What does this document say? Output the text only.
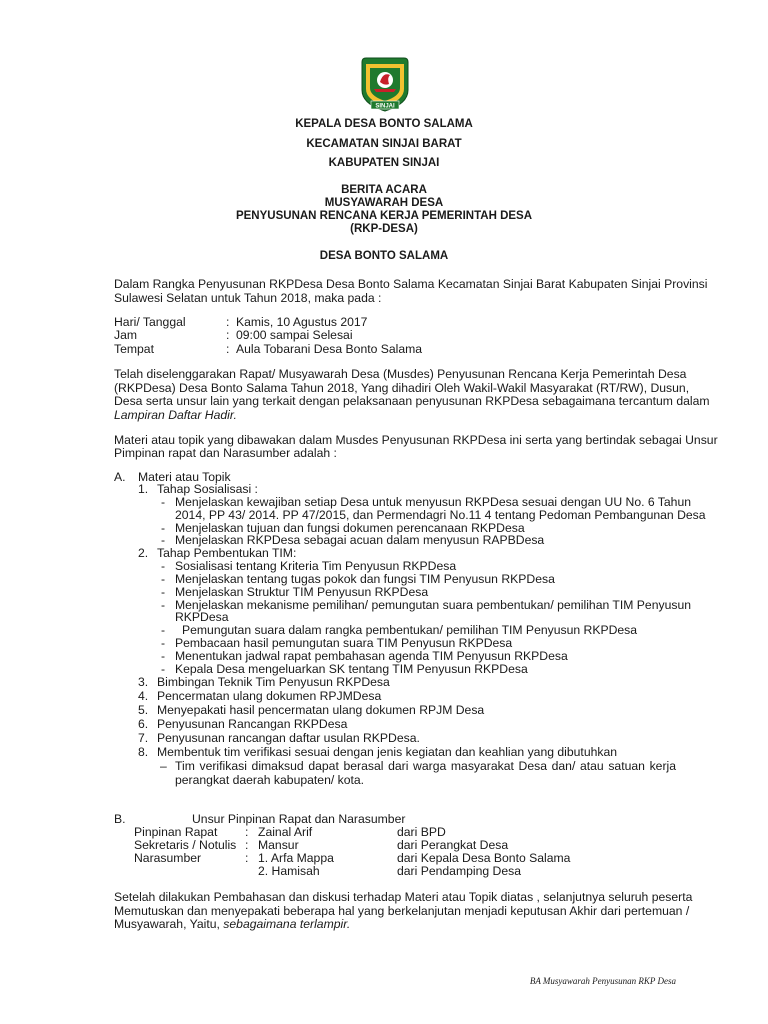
SINJAI
KEPALA DESA BONTO SALAMA
KECAMATAN SINJAI BARAT
KABUPATEN SINJAI
BERITA ACARA
MUSYAWARAH DESA
PENYUSUNAN RENCANA KERJA PEMERINTAH DESA
(RKP-DESA)
DESA BONTO SALAMA
Dalam Rangka Penyusunan RKPDesa Desa Bonto Salama Kecamatan Sinjai Barat Kabupaten Sinjai Provinsi
Sulawesi Selatan untuk Tahun 2018, maka pada :
Hari/ Tanggal	: Kamis, 10 Agustus 2017
Jam	: 09:00 sampai Selesai
Tempat	: Aula Tobarani Desa Bonto Salama
Telah diselenggarakan Rapat/ Musyawarah Desa (Musdes) Penyusunan Rencana Kerja Pemerintah Desa
(RKPDesa) Desa Bonto Salama Tahun 2018, Yang dihadiri Oleh Wakil-Wakil Masyarakat (RT/RW), Dusun,
Desa serta unsur lain yang terkait dengan pelaksanaan penyusunan RKPDesa sebagaimana tercantum dalam
Lampiran Daftar Hadir.
Materi atau topik yang dibawakan dalam Musdes Penyusunan RKPDesa ini serta yang bertindak sebagai Unsur
Pimpinan rapat dan Narasumber adalah :
A. Materi atau Topik
1. Tahap Sosialisasi :
- Menjelaskan kewajiban setiap Desa untuk menyusun RKPDesa sesuai dengan UU No. 6 Tahun
2014, PP 43/ 2014. PP 47/2015, dan Permendagri No.11 4 tentang Pedoman Pembangunan Desa
- Menjelaskan tujuan dan fungsi dokumen perencanaan RKPDesa
- Menjelaskan RKPDesa sebagai acuan dalam menyusun RAPBDesa
2. Tahap Pembentukan TIM:
- Sosialisasi tentang Kriteria Tim Penyusun RKPDesa
- Menjelaskan tentang tugas pokok dan fungsi TIM Penyusun RKPDesa
- Menjelaskan Struktur TIM Penyusun RKPDesa
- Menjelaskan mekanisme pemilihan/ pemungutan suara pembentukan/ pemilihan TIM Penyusun
RKPDesa
- Pemungutan suara dalam rangka pembentukan/ pemilihan TIM Penyusun RKPDesa
- Pembacaan hasil pemungutan suara TIM Penyusun RKPDesa
- Menentukan jadwal rapat pembahasan agenda TIM Penyusun RKPDesa
- Kepala Desa mengeluarkan SK tentang TIM Penyusun RKPDesa
3. Bimbingan Teknik Tim Penyusun RKPDesa
4. Pencermatan ulang dokumen RPJMDesa
5. Menyepakati hasil pencermatan ulang dokumen RPJM Desa
6. Penyusunan Rancangan RKPDesa
7. Penyusunan rancangan daftar usulan RKPDesa.
8. Membentuk tim verifikasi sesuai dengan jenis kegiatan dan keahlian yang dibutuhkan
– Tim verifikasi dimaksud dapat berasal dari warga masyarakat Desa dan/ atau satuan kerja
perangkat daerah kabupaten/ kota.
B.	Unsur Pinpinan Rapat dan Narasumber
Pinpinan Rapat : Zainal Arif	dari BPD
Sekretaris / Notulis : Mansur	dari Perangkat Desa
Narasumber	: 1. Arfa Mappa	dari Kepala Desa Bonto Salama
2. Hamisah	dari Pendamping Desa
Setelah dilakukan Pembahasan dan diskusi terhadap Materi atau Topik diatas , selanjutnya seluruh peserta
Memutuskan dan menyepakati beberapa hal yang berkelanjutan menjadi keputusan Akhir dari pertemuan /
Musyawarah, Yaitu, sebagaimana terlampir.
BA Musyawarah Penyusunan RKP Desa
